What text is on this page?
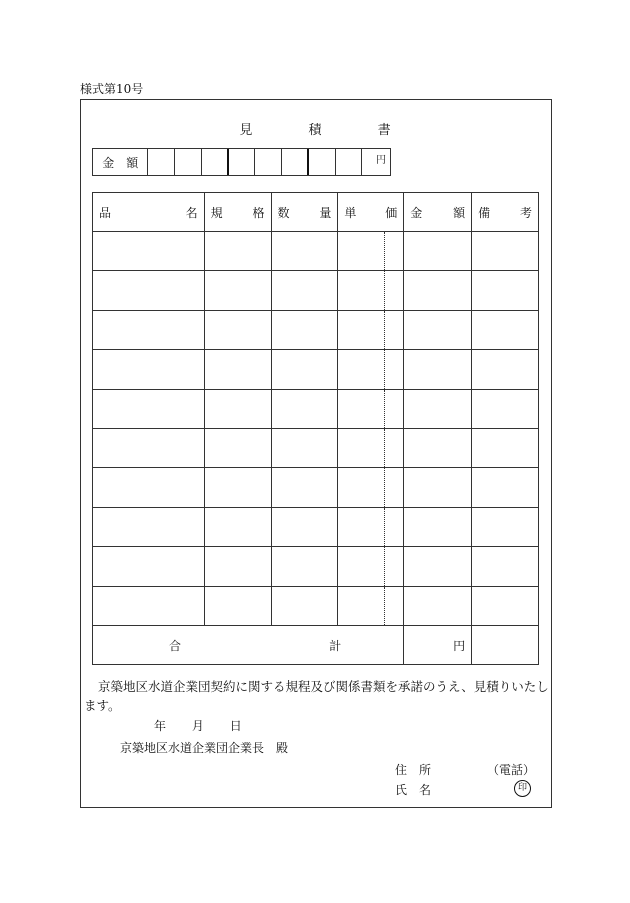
様式第10号
見	積	書
金 額	円
品 名	規 格	数 量	単 価	金 額	備 考

合 計				円	
京築地区水道企業団契約に関する規程及び関係書類を承諾のうえ、見積りいたします。
年 月 日
京築地区水道企業団企業長　殿
住　所	（電話）
氏　名	印
